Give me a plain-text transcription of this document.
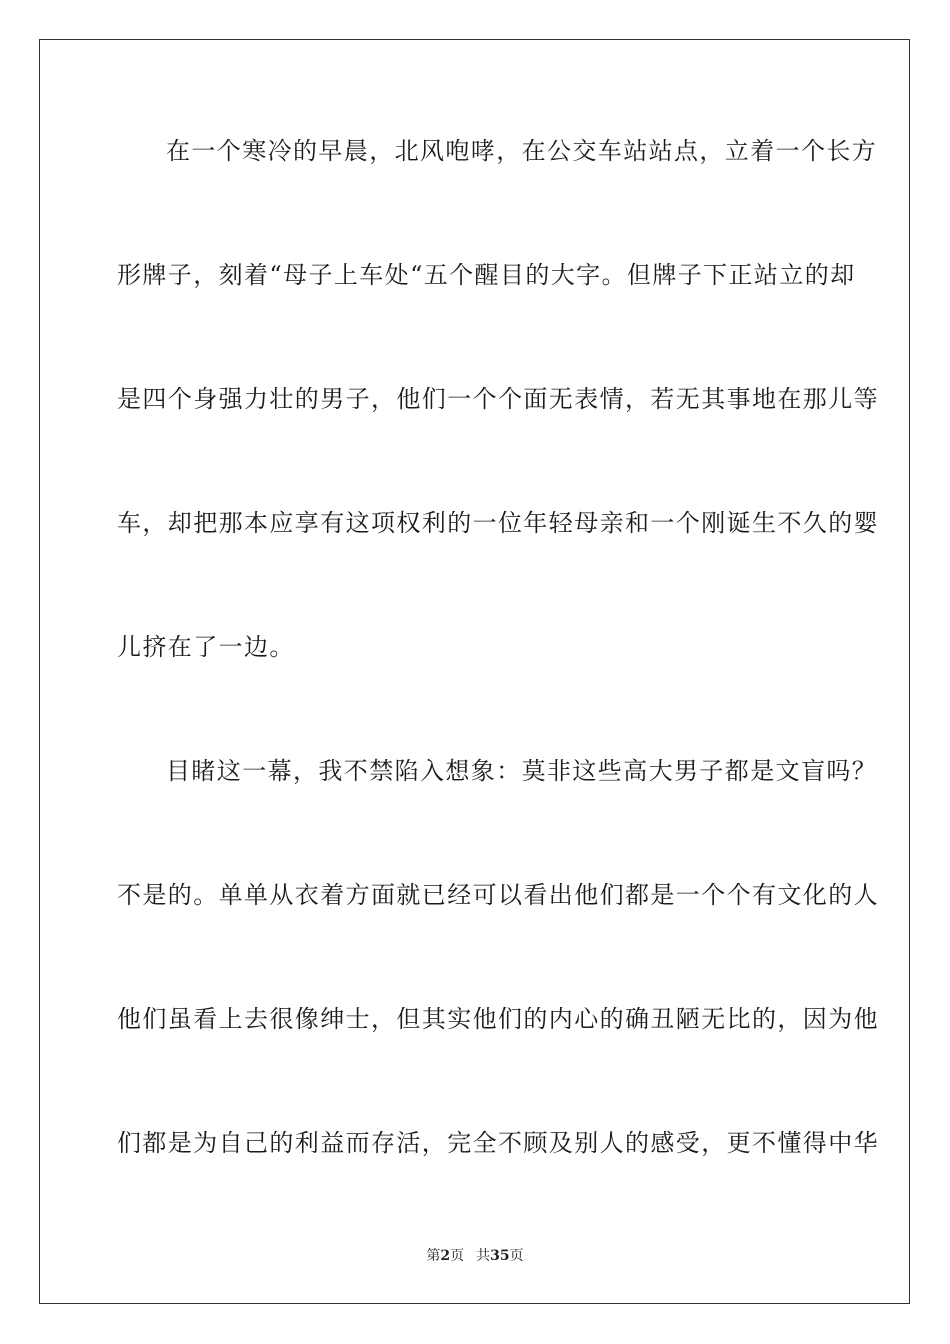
在一个寒冷的早晨，北风咆哮，在公交车站站点，立着一个长方
形牌子，刻着“母子上车处“五个醒目的大字。但牌子下正站立的却
是四个身强力壮的男子，他们一个个面无表情，若无其事地在那儿等
车，却把那本应享有这项权利的一位年轻母亲和一个刚诞生不久的婴
儿挤在了一边。
目睹这一幕，我不禁陷入想象：莫非这些高大男子都是文盲吗？
不是的。单单从衣着方面就已经可以看出他们都是一个个有文化的人
他们虽看上去很像绅士，但其实他们的内心的确丑陋无比的，因为他
们都是为自己的利益而存活，完全不顾及别人的感受，更不懂得中华
第2页 共35页
